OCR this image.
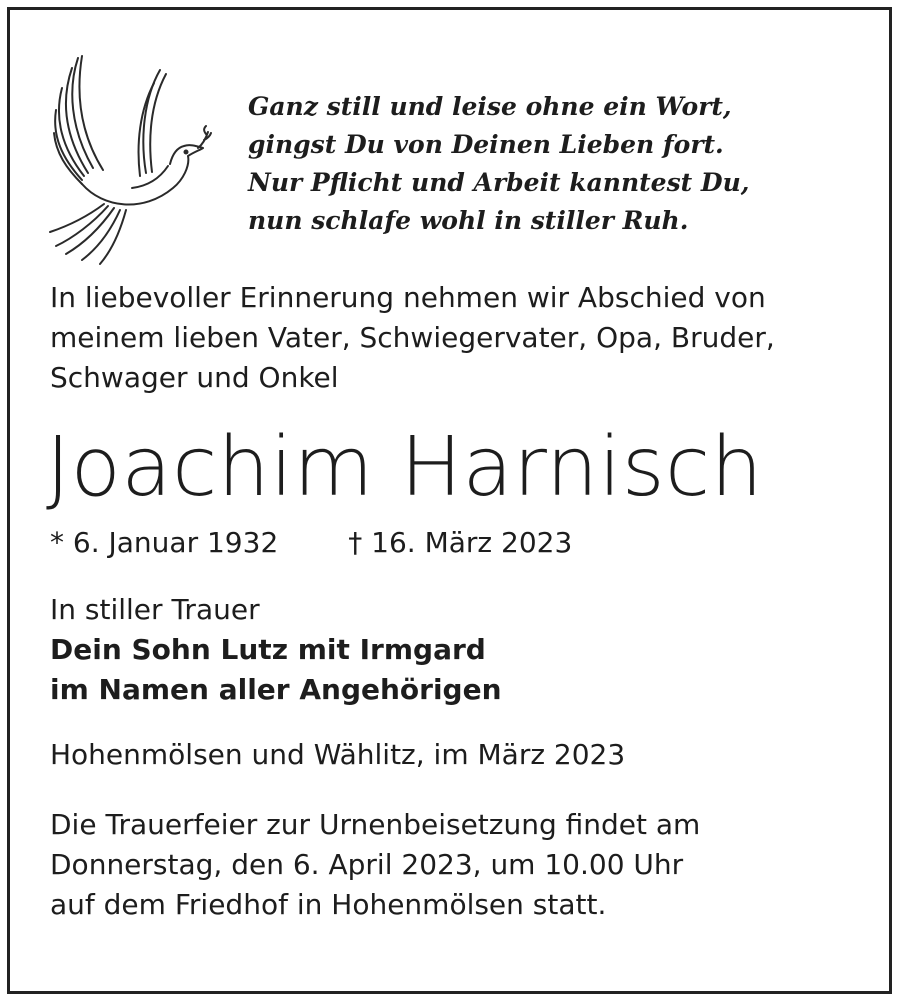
Ganz still und leise ohne ein Wort,
gingst Du von Deinen Lieben fort.
Nur Pflicht und Arbeit kanntest Du,
nun schlafe wohl in stiller Ruh.
In liebevoller Erinnerung nehmen wir Abschied von
meinem lieben Vater, Schwiegervater, Opa, Bruder,
Schwager und Onkel
Joachim Harnisch
* 6. Januar 1932	† 16. März 2023
In stiller Trauer
Dein Sohn Lutz mit Irmgard
im Namen aller Angehörigen
Hohenmölsen und Wählitz, im März 2023
Die Trauerfeier zur Urnenbeisetzung findet am
Donnerstag, den 6. April 2023, um 10.00 Uhr
auf dem Friedhof in Hohenmölsen statt.
